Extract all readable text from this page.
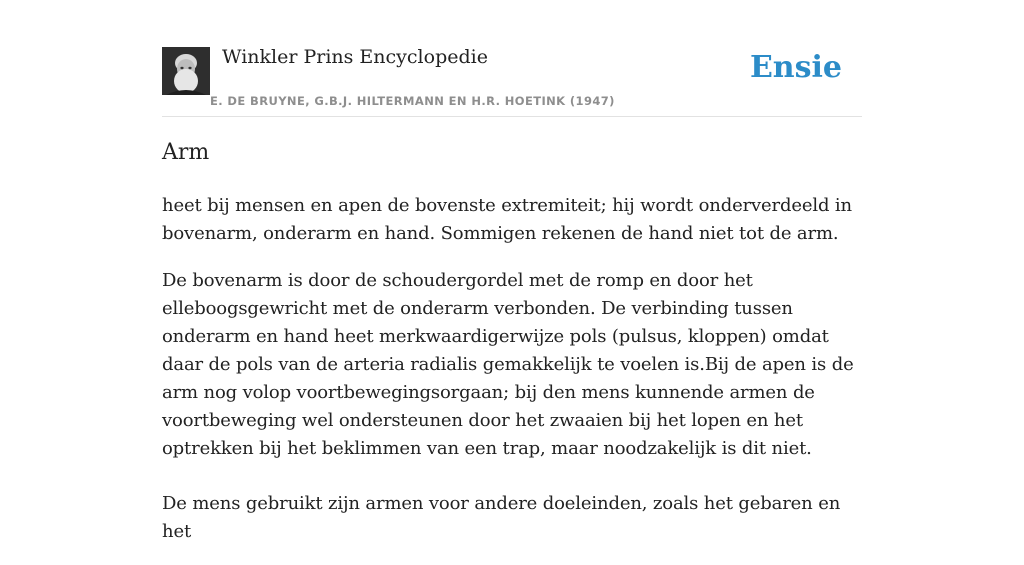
Winkler Prins Encyclopedie
E. DE BRUYNE, G.B.J. HILTERMANN EN H.R. HOETINK (1947)
Ensie
Arm

heet bij mensen en apen de bovenste extremiteit; hij wordt onderverdeeld in bovenarm, onderarm en hand. Sommigen rekenen de hand niet tot de arm.

De bovenarm is door de schoudergordel met de romp en door het elleboogsgewricht met de onderarm verbonden. De verbinding tussen onderarm en hand heet merkwaardigerwijze pols (pulsus, kloppen) omdat daar de pols van de arteria radialis gemakkelijk te voelen is.Bij de apen is de arm nog volop voortbewegingsorgaan; bij den mens kunnende armen de voortbeweging wel ondersteunen door het zwaaien bij het lopen en het optrekken bij het beklimmen van een trap, maar noodzakelijk is dit niet.

De mens gebruikt zijn armen voor andere doeleinden, zoals het gebaren en het
